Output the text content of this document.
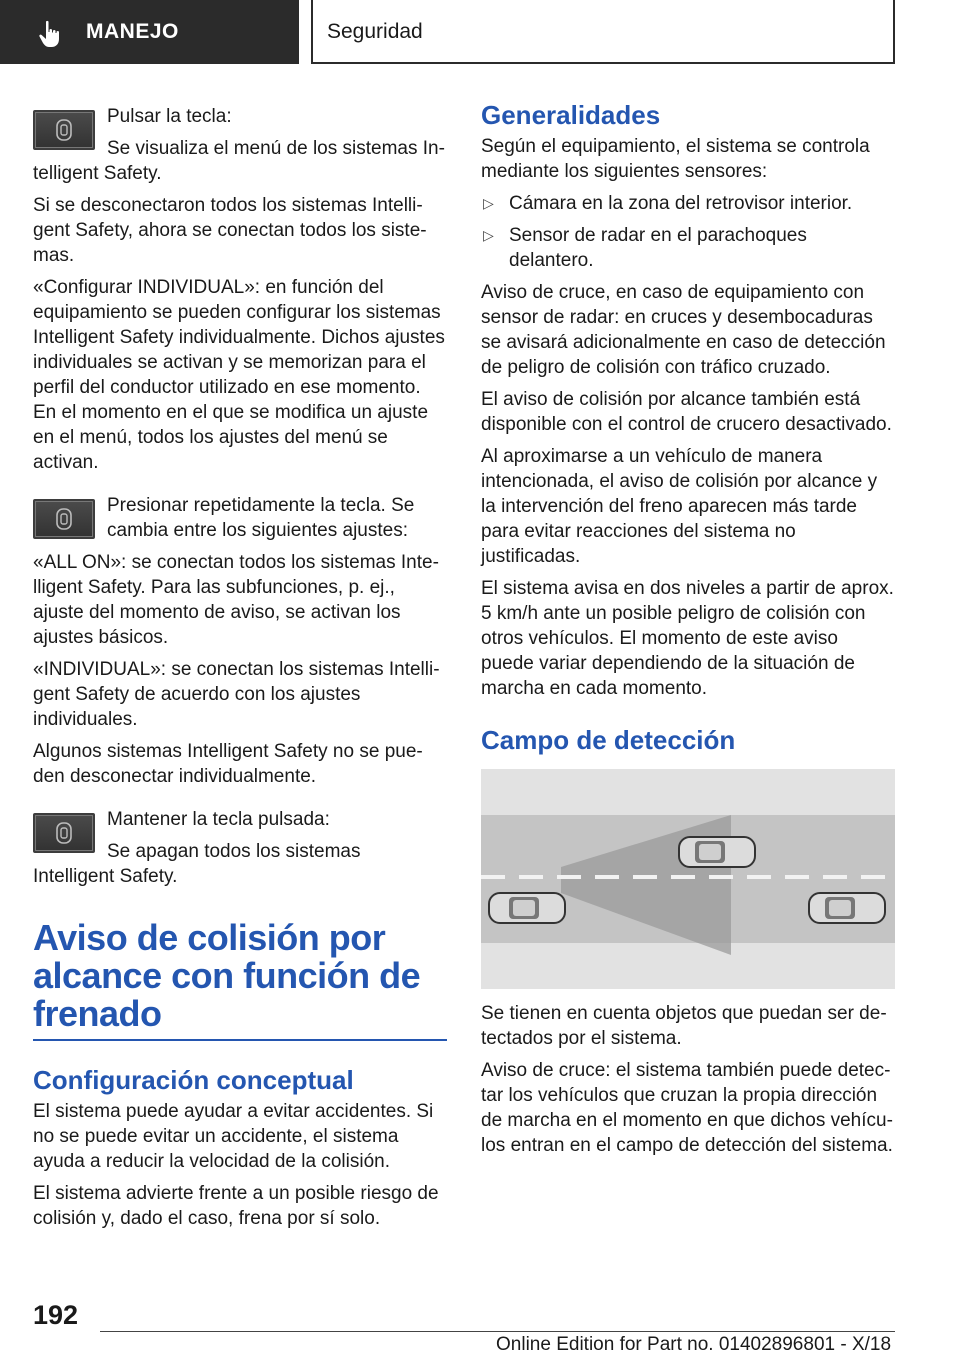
MANEJO	Seguridad

Pulsar la tecla:

Se visualiza el menú de los sistemas Intelligent Safety.

Si se desconectaron todos los sistemas Intelligent Safety, ahora se conectan todos los sistemas.

«Configurar INDIVIDUAL»: en función del equipamiento se pueden configurar los sistemas Intelligent Safety individualmente. Dichos ajustes individuales se activan y se memorizan para el perfil del conductor utilizado en ese momento. En el momento en el que se modifica un ajuste en el menú, todos los ajustes del menú se activan.

Presionar repetidamente la tecla. Se cambia entre los siguientes ajustes:

«ALL ON»: se conectan todos los sistemas Intelligent Safety. Para las subfunciones, p. ej., ajuste del momento de aviso, se activan los ajustes básicos.

«INDIVIDUAL»: se conectan los sistemas Intelligent Safety de acuerdo con los ajustes individuales.

Algunos sistemas Intelligent Safety no se pueden desconectar individualmente.

Mantener la tecla pulsada:

Se apagan todos los sistemas Intelligent Safety.

Aviso de colisión por alcance con función de frenado
Configuración conceptual

El sistema puede ayudar a evitar accidentes. Si no se puede evitar un accidente, el sistema ayuda a reducir la velocidad de la colisión.

El sistema advierte frente a un posible riesgo de colisión y, dado el caso, frena por sí solo.

Generalidades

Según el equipamiento, el sistema se controla mediante los siguientes sensores:

▷ Cámara en la zona del retrovisor interior.
▷ Sensor de radar en el parachoques delantero.

Aviso de cruce, en caso de equipamiento con sensor de radar: en cruces y desembocaduras se avisará adicionalmente en caso de detección de peligro de colisión con tráfico cruzado.

El aviso de colisión por alcance también está disponible con el control de crucero desactivado.

Al aproximarse a un vehículo de manera intencionada, el aviso de colisión por alcance y la intervención del freno aparecen más tarde para evitar reacciones del sistema no justificadas.

El sistema avisa en dos niveles a partir de aprox. 5 km/h ante un posible peligro de colisión con otros vehículos. El momento de este aviso puede variar dependiendo de la situación de marcha en cada momento.

Campo de detección

Se tienen en cuenta objetos que puedan ser detectados por el sistema.

Aviso de cruce: el sistema también puede detectar los vehículos que cruzan la propia dirección de marcha en el momento en que dichos vehículos entran en el campo de detección del sistema.

192
Online Edition for Part no. 01402896801 - X/18
